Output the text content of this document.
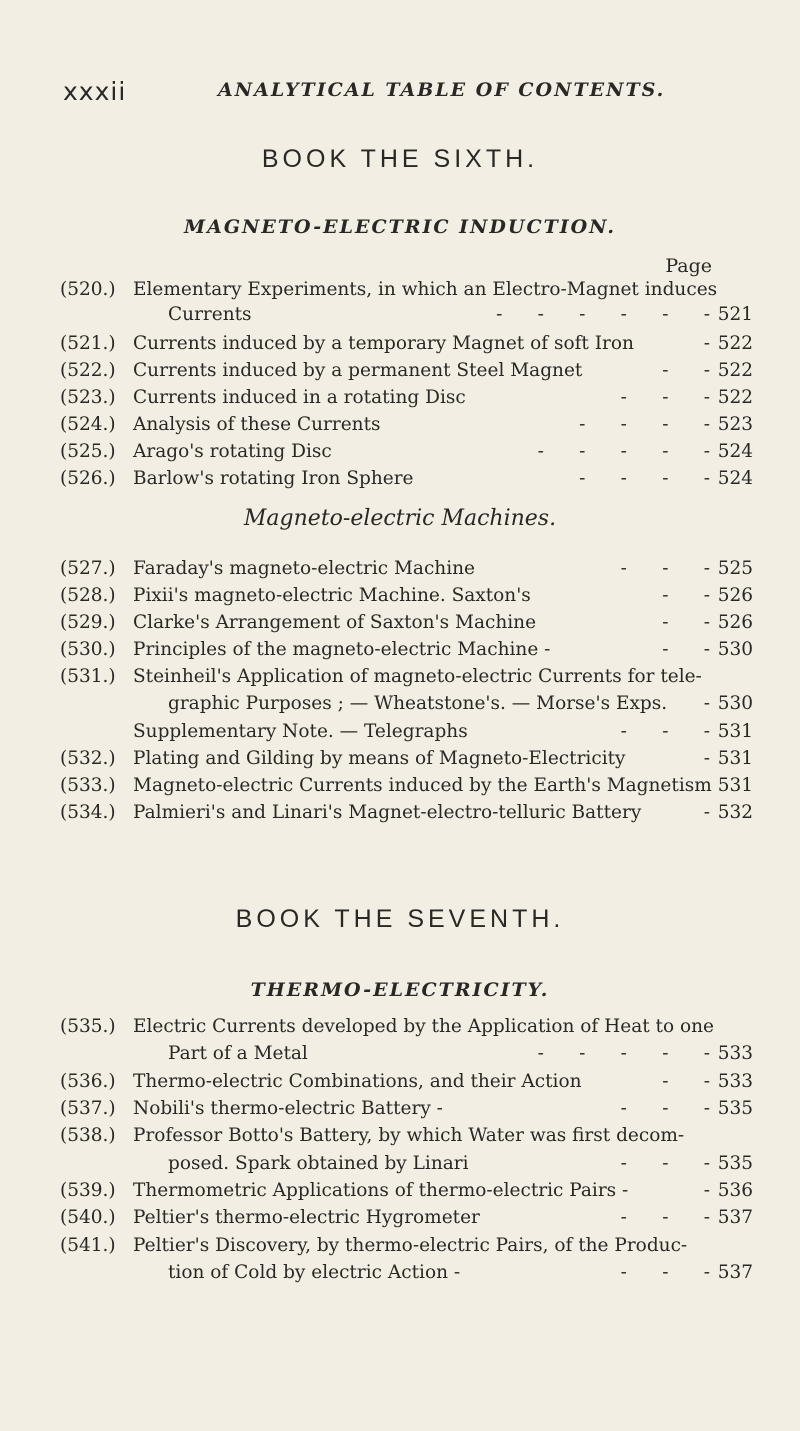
xxxii	ANALYTICAL TABLE OF CONTENTS.
BOOK THE SIXTH.
MAGNETO-ELECTRIC INDUCTION.
Page
(520.) Elementary Experiments, in which an Electro-Magnet induces
Currents	-      -      -      -      -      - 521
(521.) Currents induced by a temporary Magnet of soft Iron	- 522
(522.) Currents induced by a permanent Steel Magnet	-      - 522
(523.) Currents induced in a rotating Disc	-      -      - 522
(524.) Analysis of these Currents	-      -      -      - 523
(525.) Arago's rotating Disc	-      -      -      -      - 524
(526.) Barlow's rotating Iron Sphere	-      -      -      - 524
Magneto-electric Machines.
(527.) Faraday's magneto-electric Machine	-      -      - 525
(528.) Pixii's magneto-electric Machine. Saxton's	-      - 526
(529.) Clarke's Arrangement of Saxton's Machine	-      - 526
(530.) Principles of the magneto-electric Machine -	-      - 530
(531.) Steinheil's Application of magneto-electric Currents for tele-
graphic Purposes ; — Wheatstone's. — Morse's Exps. - 530
Supplementary Note. — Telegraphs	-      -      - 531
(532.) Plating and Gilding by means of Magneto-Electricity	- 531
(533.) Magneto-electric Currents induced by the Earth's Magnetism 531
(534.) Palmieri's and Linari's Magnet-electro-telluric Battery	- 532
BOOK THE SEVENTH.
THERMO-ELECTRICITY.
(535.) Electric Currents developed by the Application of Heat to one
Part of a Metal	-      -      -      -      - 533
(536.) Thermo-electric Combinations, and their Action	-      - 533
(537.) Nobili's thermo-electric Battery -	-      -      - 535
(538.) Professor Botto's Battery, by which Water was first decom-
posed. Spark obtained by Linari	-      -      - 535
(539.) Thermometric Applications of thermo-electric Pairs -	- 536
(540.) Peltier's thermo-electric Hygrometer	-      -      - 537
(541.) Peltier's Discovery, by thermo-electric Pairs, of the Produc-
tion of Cold by electric Action -	-      -      - 537
